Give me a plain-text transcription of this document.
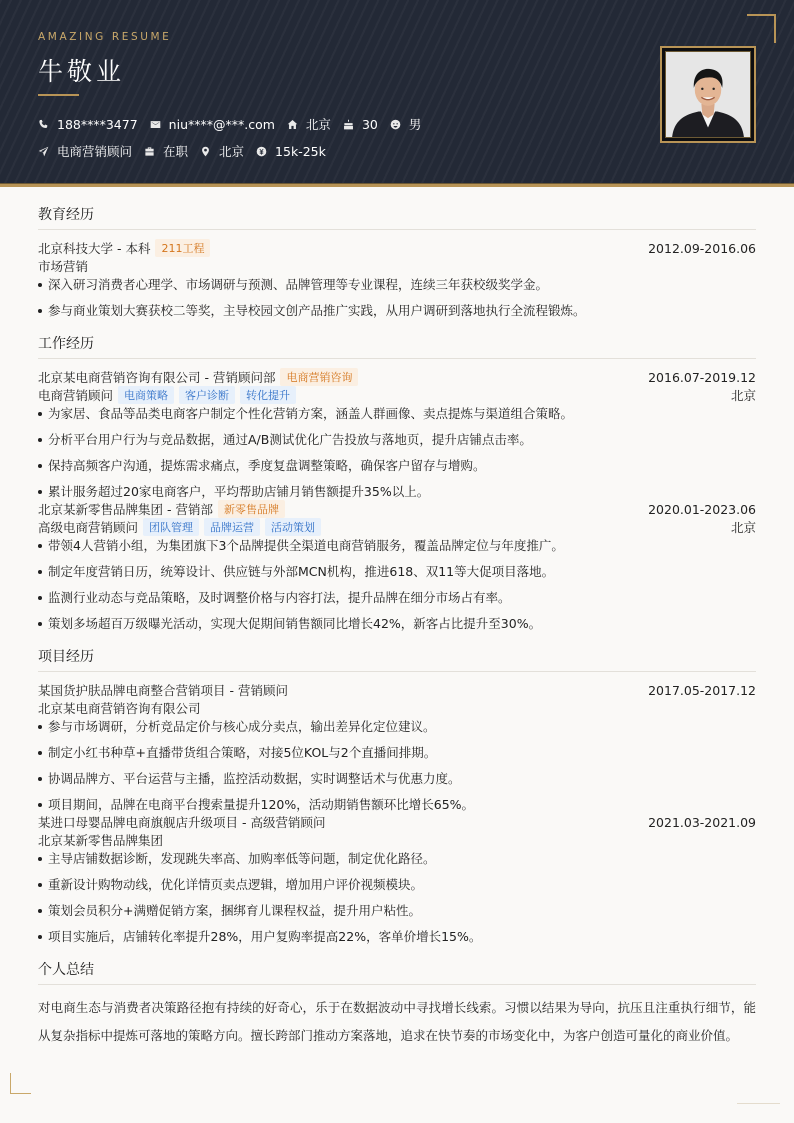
AMAZING RESUME
牛敬业
188****3477 niu****@***.com 北京 30 男
电商营销顾问 在职 北京 15k-25k
教育经历
北京科技大学 - 本科	211工程	2012.09-2016.06
市场营销
深入研习消费者心理学、市场调研与预测、品牌管理等专业课程，连续三年获校级奖学金。
参与商业策划大赛获校二等奖，主导校园文创产品推广实践，从用户调研到落地执行全流程锻炼。
工作经历
北京某电商营销咨询有限公司 - 营销顾问部	电商营销咨询	2016.07-2019.12
电商营销顾问	电商策略	客户诊断	转化提升	北京
为家居、食品等品类电商客户制定个性化营销方案，涵盖人群画像、卖点提炼与渠道组合策略。
分析平台用户行为与竞品数据，通过A/B测试优化广告投放与落地页，提升店铺点击率。
保持高频客户沟通，提炼需求痛点，季度复盘调整策略，确保客户留存与增购。
累计服务超过20家电商客户，平均帮助店铺月销售额提升35%以上。
北京某新零售品牌集团 - 营销部	新零售品牌	2020.01-2023.06
高级电商营销顾问	团队管理	品牌运营	活动策划	北京
带领4人营销小组，为集团旗下3个品牌提供全渠道电商营销服务，覆盖品牌定位与年度推广。
制定年度营销日历，统筹设计、供应链与外部MCN机构，推进618、双11等大促项目落地。
监测行业动态与竞品策略，及时调整价格与内容打法，提升品牌在细分市场占有率。
策划多场超百万级曝光活动，实现大促期间销售额同比增长42%，新客占比提升至30%。
项目经历
某国货护肤品牌电商整合营销项目 - 营销顾问	2017.05-2017.12
北京某电商营销咨询有限公司
参与市场调研，分析竞品定价与核心成分卖点，输出差异化定位建议。
制定小红书种草+直播带货组合策略，对接5位KOL与2个直播间排期。
协调品牌方、平台运营与主播，监控活动数据，实时调整话术与优惠力度。
项目期间，品牌在电商平台搜索量提升120%，活动期销售额环比增长65%。
某进口母婴品牌电商旗舰店升级项目 - 高级营销顾问	2021.03-2021.09
北京某新零售品牌集团
主导店铺数据诊断，发现跳失率高、加购率低等问题，制定优化路径。
重新设计购物动线，优化详情页卖点逻辑，增加用户评价视频模块。
策划会员积分+满赠促销方案，捆绑育儿课程权益，提升用户粘性。
项目实施后，店铺转化率提升28%，用户复购率提高22%，客单价增长15%。
个人总结
对电商生态与消费者决策路径抱有持续的好奇心，乐于在数据波动中寻找增长线索。习惯以结果为导向，抗压且注重执行细节，能从复杂指标中提炼可落地的策略方向。擅长跨部门推动方案落地，追求在快节奏的市场变化中，为客户创造可量化的商业价值。
